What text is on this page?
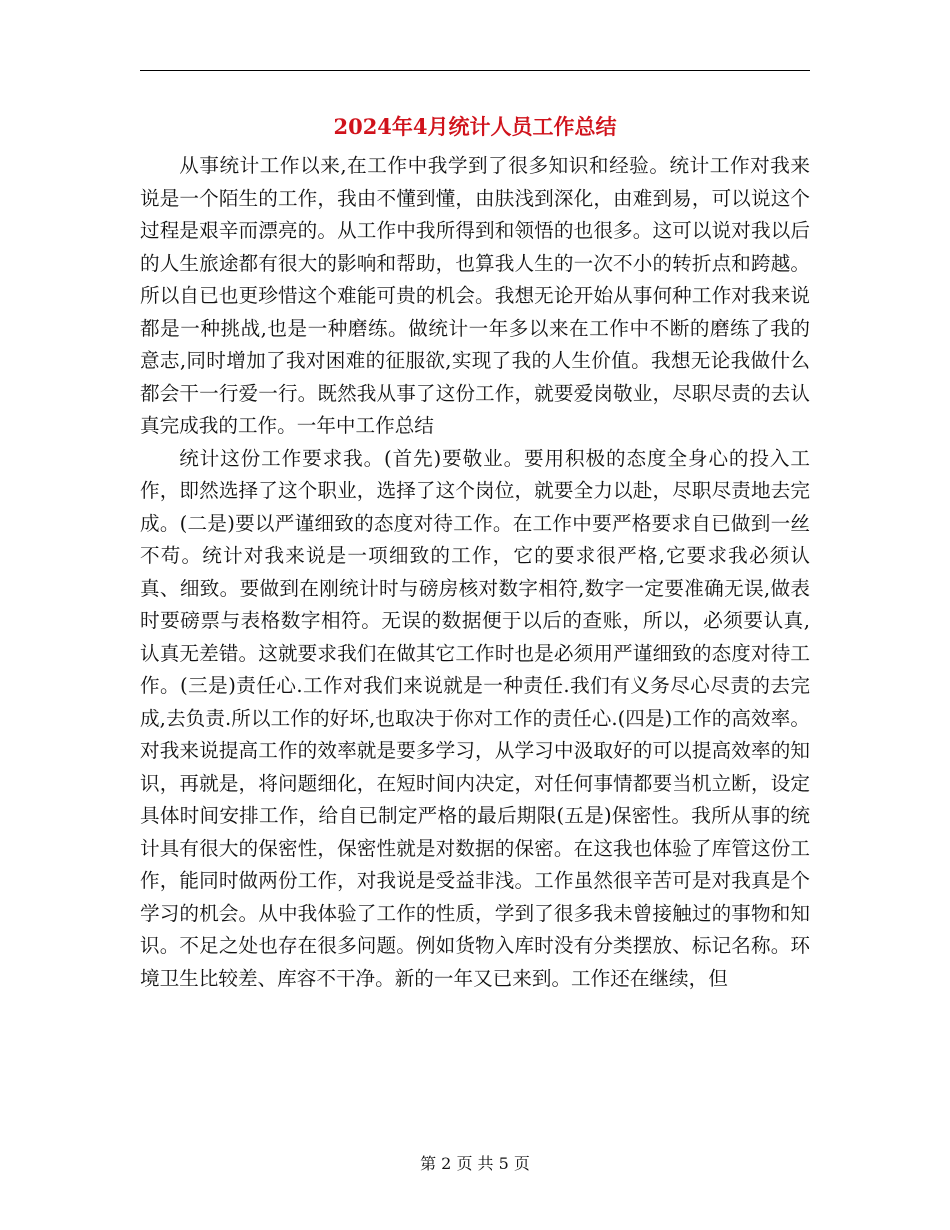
2024年4月统计人员工作总结

从事统计工作以来,在工作中我学到了很多知识和经验。统计工作对我来说是一个陌生的工作，我由不懂到懂，由肤浅到深化，由难到易，可以说这个过程是艰辛而漂亮的。从工作中我所得到和领悟的也很多。这可以说对我以后的人生旅途都有很大的影响和帮助，也算我人生的一次不小的转折点和跨越。所以自已也更珍惜这个难能可贵的机会。我想无论开始从事何种工作对我来说都是一种挑战,也是一种磨练。做统计一年多以来在工作中不断的磨练了我的意志,同时增加了我对困难的征服欲,实现了我的人生价值。我想无论我做什么都会干一行爱一行。既然我从事了这份工作，就要爱岗敬业，尽职尽责的去认真完成我的工作。一年中工作总结

统计这份工作要求我。(首先)要敬业。要用积极的态度全身心的投入工作，即然选择了这个职业，选择了这个岗位，就要全力以赴，尽职尽责地去完成。(二是)要以严谨细致的态度对待工作。在工作中要严格要求自已做到一丝不苟。统计对我来说是一项细致的工作，它的要求很严格,它要求我必须认真、细致。要做到在刚统计时与磅房核对数字相符,数字一定要准确无误,做表时要磅票与表格数字相符。无误的数据便于以后的查账，所以，必须要认真,认真无差错。这就要求我们在做其它工作时也是必须用严谨细致的态度对待工作。(三是)责任心.工作对我们来说就是一种责任.我们有义务尽心尽责的去完成,去负责.所以工作的好坏,也取决于你对工作的责任心.(四是)工作的高效率。对我来说提高工作的效率就是要多学习，从学习中汲取好的可以提高效率的知识，再就是，将问题细化，在短时间内决定，对任何事情都要当机立断，设定具体时间安排工作，给自已制定严格的最后期限(五是)保密性。我所从事的统计具有很大的保密性，保密性就是对数据的保密。在这我也体验了库管这份工作，能同时做两份工作，对我说是受益非浅。工作虽然很辛苦可是对我真是个学习的机会。从中我体验了工作的性质，学到了很多我未曾接触过的事物和知识。不足之处也存在很多问题。例如货物入库时没有分类摆放、标记名称。环境卫生比较差、库容不干净。新的一年又已来到。工作还在继续，但

第 2 页 共 5 页
